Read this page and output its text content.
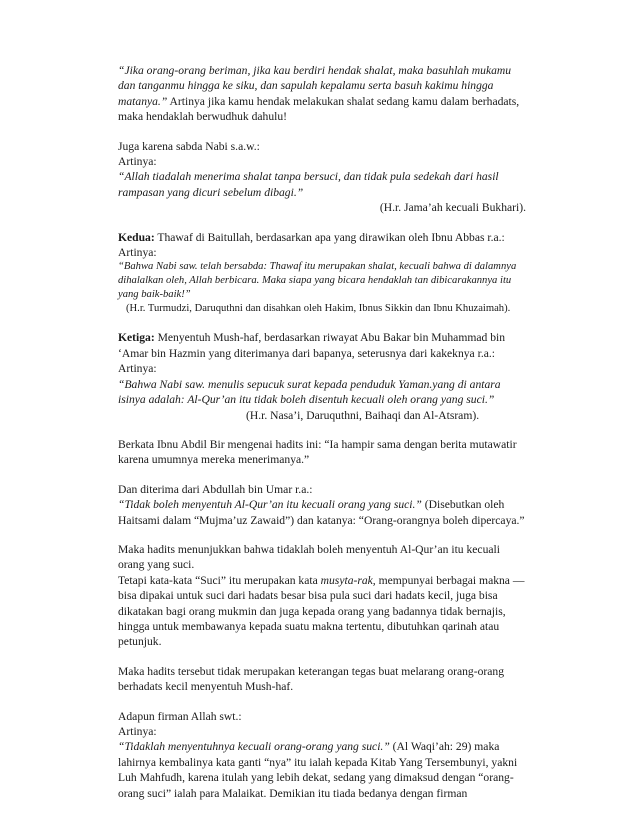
“Jika orang-orang beriman, jika kau berdiri hendak shalat, maka basuhlah mukamu dan tanganmu hingga ke siku, dan sapulah kepalamu serta basuh kakimu hingga matanya.” Artinya jika kamu hendak melakukan shalat sedang kamu dalam berhadats, maka hendaklah berwudhuk dahulu!

Juga karena sabda Nabi s.a.w.:

Artinya:

“Allah tiadalah menerima shalat tanpa bersuci, dan tidak pula sedekah dari hasil rampasan yang dicuri sebelum dibagi.”

(H.r. Jama’ah kecuali Bukhari).

Kedua: Thawaf di Baitullah, berdasarkan apa yang dirawikan oleh Ibnu Abbas r.a.:

Artinya:

“Bahwa Nabi saw. telah bersabda: Thawaf itu merupakan shalat, kecuali bahwa di dalamnya dihalalkan oleh, Allah berbicara. Maka siapa yang bicara hendaklah tan dibicarakannya itu yang baik-baik!”

(H.r. Turmudzi, Daruquthni dan disahkan oleh Hakim, Ibnus Sikkin dan Ibnu Khuzaimah).

Ketiga: Menyentuh Mush-haf, berdasarkan riwayat Abu Bakar bin Muhammad bin ‘Amar bin Hazmin yang diterimanya dari bapanya, seterusnya dari kakeknya r.a.:

Artinya:

“Bahwa Nabi saw. menulis sepucuk surat kepada penduduk Yaman.yang di antara isinya adalah: Al-Qur’an itu tidak boleh disentuh kecuali oleh orang yang suci.”

(H.r. Nasa’i, Daruquthni, Baihaqi dan Al-Atsram).

Berkata Ibnu Abdil Bir mengenai hadits ini: “Ia hampir sama dengan berita mutawatir karena umumnya mereka menerimanya.”

Dan diterima dari Abdullah bin Umar r.a.:

“Tidak boleh menyentuh Al-Qur’an itu kecuali orang yang suci.” (Disebutkan oleh Haitsami dalam “Mujma’uz Zawaid”) dan katanya: “Orang-orangnya boleh dipercaya.”

Maka hadits menunjukkan bahwa tidaklah boleh menyentuh Al-Qur’an itu kecuali orang yang suci.

Tetapi kata-kata “Suci” itu merupakan kata musyta-rak, mempunyai berbagai makna — bisa dipakai untuk suci dari hadats besar bisa pula suci dari hadats kecil, juga bisa dikatakan bagi orang mukmin dan juga kepada orang yang badannya tidak bernajis, hingga untuk membawanya kepada suatu makna tertentu, dibutuhkan qarinah atau petunjuk.

Maka hadits tersebut tidak merupakan keterangan tegas buat melarang orang-orang berhadats kecil menyentuh Mush-haf.

Adapun firman Allah swt.:

Artinya:

“Tidaklah menyentuhnya kecuali orang-orang yang suci.” (Al Waqi’ah: 29) maka lahirnya kembalinya kata ganti “nya” itu ialah kepada Kitab Yang Tersembunyi, yakni Luh Mahfudh, karena itulah yang lebih dekat, sedang yang dimaksud dengan “orang-orang suci” ialah para Malaikat. Demikian itu tiada bedanya dengan firman
